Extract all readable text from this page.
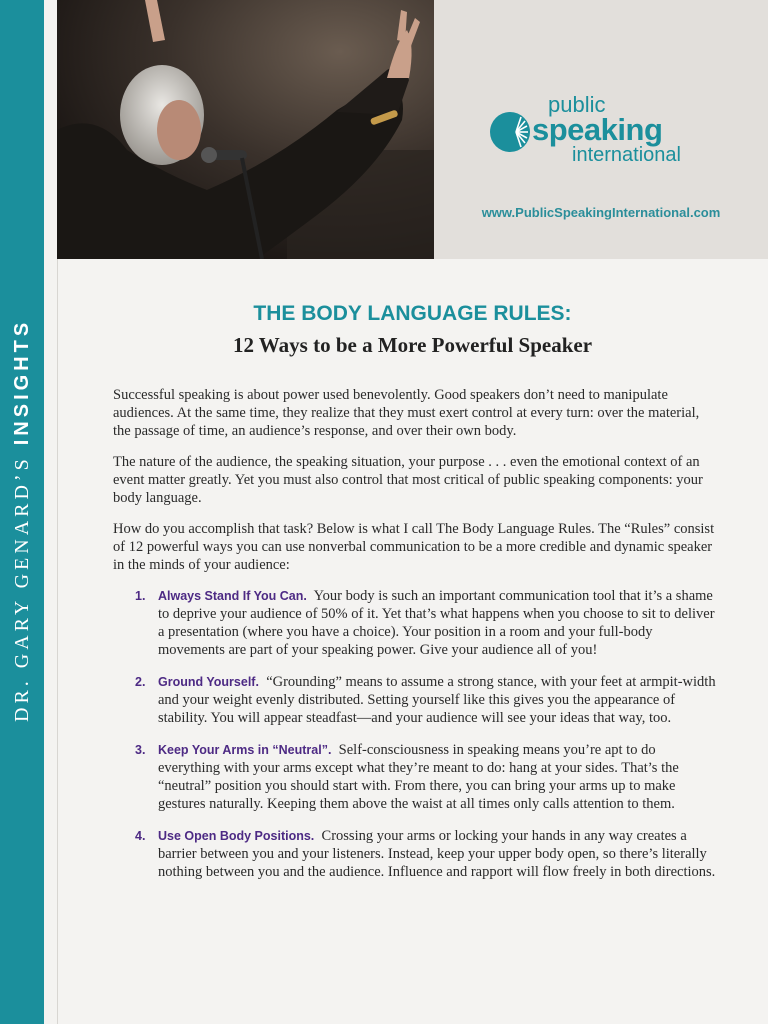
DR. GARY GENARD’SINSIGHTS
public
speaking
international
www.PublicSpeakingInternational.com
THE BODY LANGUAGE RULES:
12 Ways to be a More Powerful Speaker

Successful speaking is about power used benevolently. Good speakers don’t need to manipulate audiences. At the same time, they realize that they must exert control at every turn: over the material, the passage of time, an audience’s response, and over their own body.

The nature of the audience, the speaking situation, your purpose . . . even the emotional context of an event matter greatly. Yet you must also control that most critical of public speaking components: your body language.

How do you accomplish that task? Below is what I call The Body Language Rules. The “Rules” consist of 12 powerful ways you can use nonverbal communication to be a more credible and dynamic speaker in the minds of your audience:

1. Always Stand If You Can. Your body is such an important communication tool that it’s a shame to deprive your audience of 50% of it. Yet that’s what happens when you choose to sit to deliver a presentation (where you have a choice). Your position in a room and your full-body movements are part of your speaking power. Give your audience all of you!
2. Ground Yourself. “Grounding” means to assume a strong stance, with your feet at armpit-width and your weight evenly distributed. Setting yourself like this gives you the appearance of stability. You will appear steadfast—and your audience will see your ideas that way, too.
3. Keep Your Arms in “Neutral”. Self-consciousness in speaking means you’re apt to do everything with your arms except what they’re meant to do: hang at your sides. That’s the “neutral” position you should start with. From there, you can bring your arms up to make gestures naturally. Keeping them above the waist at all times only calls attention to them.
4. Use Open Body Positions. Crossing your arms or locking your hands in any way creates a barrier between you and your listeners. Instead, keep your upper body open, so there’s literally nothing between you and the audience. Influence and rapport will flow freely in both directions.
